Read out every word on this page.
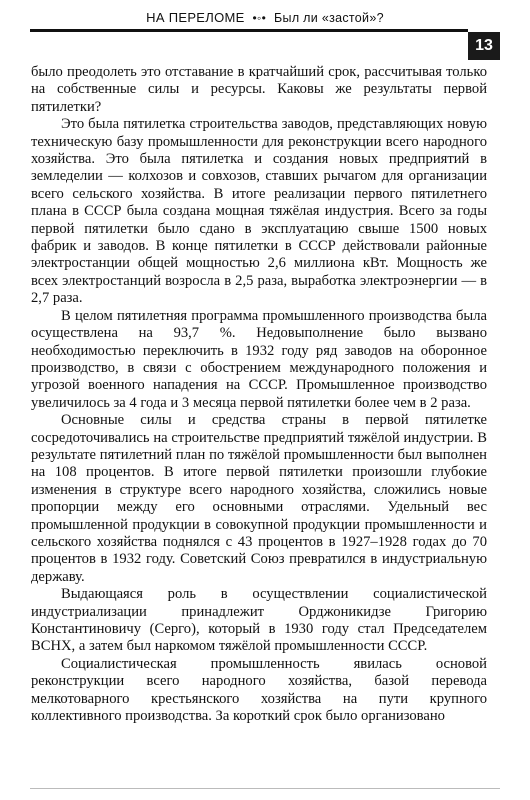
НА ПЕРЕЛОМЕ •◦• Был ли «застой»?
13

было преодолеть это отставание в кратчайший срок, рассчитывая только на собственные силы и ресурсы. Каковы же результаты первой пятилетки?

Это была пятилетка строительства заводов, представляющих новую техническую базу промышленности для реконструкции всего народного хозяйства. Это была пятилетка и создания новых предприятий в земледелии — колхозов и совхозов, ставших рычагом для организации всего сельского хозяйства. В итоге реализации первого пятилетнего плана в СССР была создана мощная тяжёлая индустрия. Всего за годы первой пятилетки было сдано в эксплуатацию свыше 1500 новых фабрик и заводов. В конце пятилетки в СССР действовали районные электростанции общей мощностью 2,6 миллиона кВт. Мощность же всех электростанций возросла в 2,5 раза, выработка электроэнергии — в 2,7 раза.

В целом пятилетняя программа промышленного производства была осуществлена на 93,7 %. Недовыполнение было вызвано необходимостью переключить в 1932 году ряд заводов на оборонное производство, в связи с обострением международного положения и угрозой военного нападения на СССР. Промышленное производство увеличилось за 4 года и 3 месяца первой пятилетки более чем в 2 раза.

Основные силы и средства страны в первой пятилетке сосредоточивались на строительстве предприятий тяжёлой индустрии. В результате пятилетний план по тяжёлой промышленности был выполнен на 108 процентов. В итоге первой пятилетки произошли глубокие изменения в структуре всего народного хозяйства, сложились новые пропорции между его основными отраслями. Удельный вес промышленной продукции в совокупной продукции промышленности и сельского хозяйства поднялся с 43 процентов в 1927–1928 годах до 70 процентов в 1932 году. Советский Союз превратился в индустриальную державу.

Выдающаяся роль в осуществлении социалистической индустриализации принадлежит Орджоникидзе Григорию Константиновичу (Серго), который в 1930 году стал Председателем ВСНХ, а затем был наркомом тяжёлой промышленности СССР.

Социалистическая промышленность явилась основой реконструкции всего народного хозяйства, базой перевода мелкотоварного крестьянского хозяйства на пути крупного коллективного производства. За короткий срок было организовано
